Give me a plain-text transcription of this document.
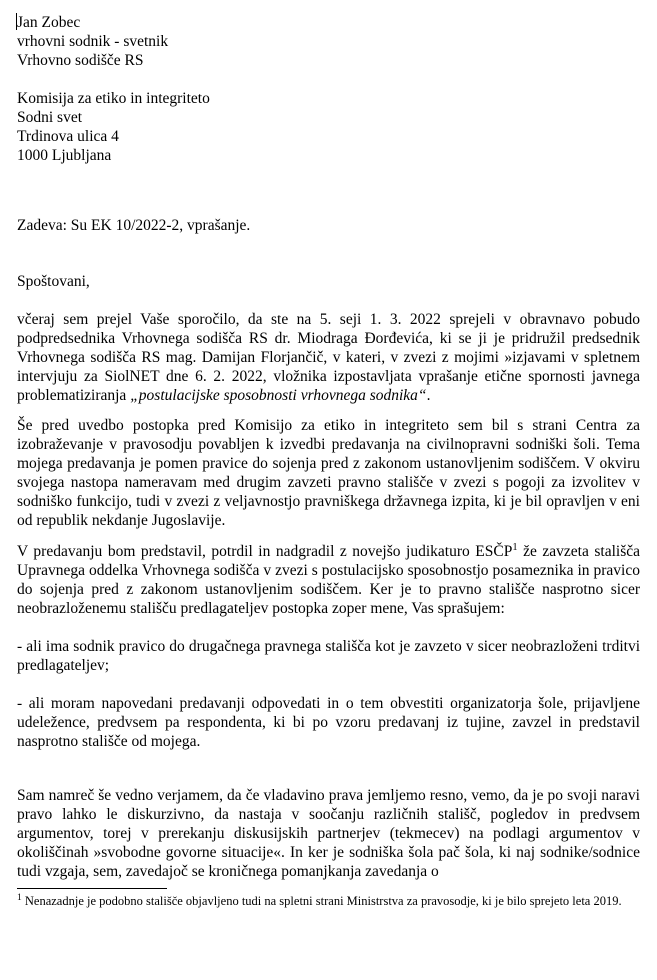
Jan Zobec
vrhovni sodnik - svetnik
Vrhovno sodišče RS
Komisija za etiko in integriteto
Sodni svet
Trdinova ulica 4
1000 Ljubljana

Zadeva: Su EK 10/2022-2, vprašanje.

Spoštovani,

včeraj sem prejel Vaše sporočilo, da ste na 5. seji 1. 3. 2022 sprejeli v obravnavo pobudo podpredsednika Vrhovnega sodišča RS dr. Miodraga Đorđevića, ki se ji je pridružil predsednik Vrhovnega sodišča RS mag. Damijan Florjančič, v kateri, v zvezi z mojimi »izjavami v spletnem intervjuju za SiolNET dne 6. 2. 2022, vložnika izpostavljata vprašanje etične spornosti javnega problematiziranja „postulacijske sposobnosti vrhovnega sodnika“.

Še pred uvedbo postopka pred Komisijo za etiko in integriteto sem bil s strani Centra za izobraževanje v pravosodju povabljen k izvedbi predavanja na civilnopravni sodniški šoli. Tema mojega predavanja je pomen pravice do sojenja pred z zakonom ustanovljenim sodiščem. V okviru svojega nastopa nameravam med drugim zavzeti pravno stališče v zvezi s pogoji za izvolitev v sodniško funkcijo, tudi v zvezi z veljavnostjo pravniškega državnega izpita, ki je bil opravljen v eni od republik nekdanje Jugoslavije.

V predavanju bom predstavil, potrdil in nadgradil z novejšo judikaturo ESČP$^1$ že zavzeta stališča Upravnega oddelka Vrhovnega sodišča v zvezi s postulacijsko sposobnostjo posameznika in pravico do sojenja pred z zakonom ustanovljenim sodiščem. Ker je to pravno stališče nasprotno sicer neobrazloženemu stališču predlagateljev postopka zoper mene, Vas sprašujem:

- ali ima sodnik pravico do drugačnega pravnega stališča kot je zavzeto v sicer neobrazloženi trditvi predlagateljev;

- ali moram napovedani predavanji odpovedati in o tem obvestiti organizatorja šole, prijavljene udeležence, predvsem pa respondenta, ki bi po vzoru predavanj iz tujine, zavzel in predstavil nasprotno stališče od mojega.

Sam namreč še vedno verjamem, da če vladavino prava jemljemo resno, vemo, da je po svoji naravi pravo lahko le diskurzivno, da nastaja v soočanju različnih stališč, pogledov in predvsem argumentov, torej v prerekanju diskusijskih partnerjev (tekmecev) na podlagi argumentov v okoliščinah »svobodne govorne situacije«. In ker je sodniška šola pač šola, ki naj sodnike/sodnice tudi vzgaja, sem, zavedajoč se kroničnega pomanjkanja zavedanja o

$^1$ Nenazadnje je podobno stališče objavljeno tudi na spletni strani Ministrstva za pravosodje, ki je bilo sprejeto leta 2019.
